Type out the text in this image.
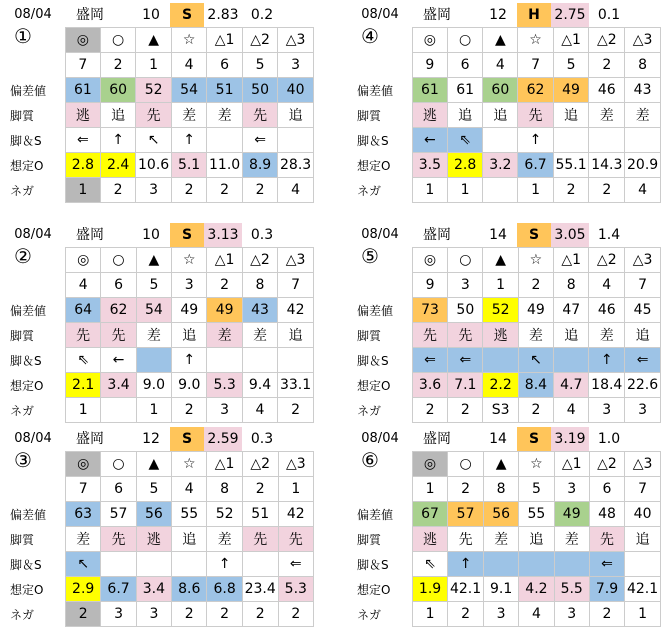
08/04	盛岡	10	S	2.83 0.2
①
		◎	○	▲	☆	△1	△2	△3
	7	2	1	4	6	5	3
偏差値	61	60	52	54	51	50	40
脚質	逃	追	先	差	差	先	追
脚＆S	⇐	↑	↖	↑		⇐	
想定O	2.8	2.4	10.6	5.1	11.0	8.9	28.3
ネガ	1	2	3	2	2	2	4
08/04	盛岡	12	H	2.75 0.1
④
		◎	○	▲	☆	△1	△2	△3
	9	6	4	7	5	2	8
偏差値	61	61	60	62	49	46	43
脚質	逃	追	追	先	追	差	差
脚＆S	←	⇖		↑			
想定O	3.5	2.8	3.2	6.7	55.1	14.3	20.9
ネガ	1	1		1	2	2	4
08/04	盛岡	10	S	3.13 0.3
②
		◎	○	▲	☆	△1	△2	△3
	4	6	5	3	2	8	7
偏差値	64	62	54	49	49	43	42
脚質	先	先	差	追	差	差	追
脚＆S	⇖	←		↑			
想定O	2.1	3.4	9.0	9.0	5.3	9.4	33.1
ネガ	1		1	2	3	4	2
08/04	盛岡	14	S	3.05 1.4
⑤
		◎	○	▲	☆	△1	△2	△3
	9	3	1	2	8	4	7
偏差値	73	50	52	49	47	46	45
脚質	先	先	逃	差	追	差	追
脚＆S	⇐	⇐		↖		↑	⇐
想定O	3.6	7.1	2.2	8.4	4.7	18.4	22.6
ネガ	2	2	S3	2	4	3	3
08/04	盛岡	12	S	2.59 0.3
③
		◎	○	▲	☆	△1	△2	△3
	7	6	5	4	8	2	1
偏差値	63	57	56	55	52	51	42
脚質	差	先	逃	追	差	先	先
脚＆S	↖				↑		⇐
想定O	2.9	6.7	3.4	8.6	6.8	23.4	5.3
ネガ	2	3	3	2	2	2	2
08/04	盛岡	14	S	3.19 1.0
⑥
		◎	○	▲	☆	△1	△2	△3
	1	2	8	5	3	6	7
偏差値	67	57	56	55	49	48	40
脚質	逃	先	差	追	差	先	追
脚＆S	⇖	↑				⇐	
想定O	1.9	42.1	9.1	4.2	5.5	7.9	42.1
ネガ	1	2	3	4	3	2	1
